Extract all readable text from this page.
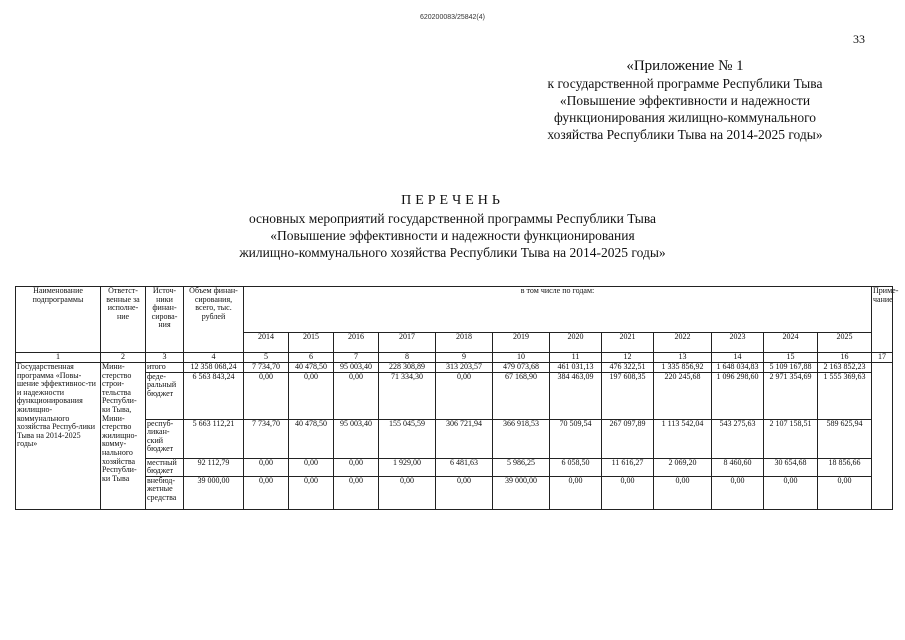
620200083/25842(4)
33
«Приложение № 1
к государственной программе Республики Тыва
«Повышение эффективности и надежности
функционирования жилищно-коммунального
хозяйства Республики Тыва на 2014-2025 годы»
ПЕРЕЧЕНЬ
основных мероприятий государственной программы Республики Тыва
«Повышение эффективности и надежности функционирования
жилищно-коммунального хозяйства Республики Тыва на 2014-2025 годы»
Наименование подпрограммы	Ответст-венные за исполне-ние	Источ-ники финан-сирова-ния	Объем финан-сирования, всего, тыс. рублей	в том числе по годам:												Приме-чание
				2014	2015	2016	2017	2018	2019	2020	2021	2022	2023	2024	2025	
1	2	3	4	5	6	7	8	9	10	11	12	13	14	15	16	17
Государственная программа «Повы-шение эффективнос-ти и надежности функционирования жилищно-коммунального хозяйства Респуб-лики Тыва на 2014-2025 годы»	Мини-стерство строи-тельства Республи-ки Тыва, Мини-стерство жилищно-комму-нального хозяйства Республи-ки Тыва	итого	12 358 068,24	7 734,70	40 478,50	95 003,40	228 308,89	313 203,57	479 073,68	461 031,13	476 322,51	1 335 856,92	1 648 034,83	5 109 167,88	2 163 852,23	
		феде-ральный бюджет	6 563 843,24	0,00	0,00	0,00	71 334,30	0,00	67 168,90	384 463,09	197 608,35	220 245,68	1 096 298,60	2 971 354,69	1 555 369,63	
		респуб-ликан-ский бюджет	5 663 112,21	7 734,70	40 478,50	95 003,40	155 045,59	306 721,94	366 918,53	70 509,54	267 097,89	1 113 542,04	543 275,63	2 107 158,51	589 625,94	
		местный бюджет	92 112,79	0,00	0,00	0,00	1 929,00	6 481,63	5 986,25	6 058,50	11 616,27	2 069,20	8 460,60	30 654,68	18 856,66	
		внебюд-жетные средства	39 000,00	0,00	0,00	0,00	0,00	0,00	39 000,00	0,00	0,00	0,00	0,00	0,00	0,00	
